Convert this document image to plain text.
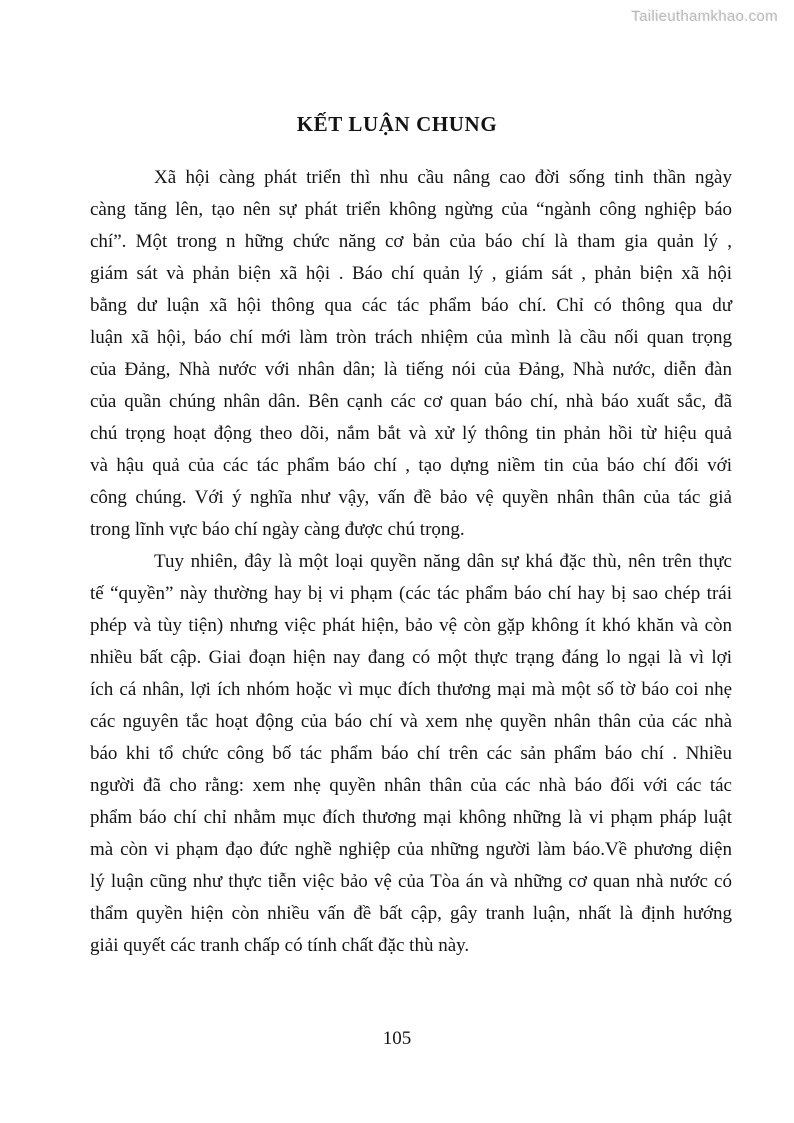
Tailieuthamkhao.com
KẾT LUẬN CHUNG
Xã hội càng phát triển thì nhu cầu nâng cao đời sống tinh thần ngày
càng tăng lên, tạo nên sự phát triển không ngừng của “ngành công nghiệp báo
chí”. Một trong n hững chức năng cơ bản của báo chí là tham gia quản lý ,
giám sát và phản biện xã hội . Báo chí quản lý , giám sát , phản biện xã hội
bằng dư luận xã hội thông qua các tác phẩm báo chí. Chỉ có thông qua dư
luận xã hội, báo chí mới làm tròn trách nhiệm của mình là cầu nối quan trọng
của Đảng, Nhà nước với nhân dân; là tiếng nói của Đảng, Nhà nước, diễn đàn
của quần chúng nhân dân. Bên cạnh các cơ quan báo chí, nhà báo xuất sắc, đã
chú trọng hoạt động theo dõi, nắm bắt và xử lý thông tin phản hồi từ hiệu quả
và hậu quả của các tác phẩm báo chí , tạo dựng niềm tin của báo chí đối với
công chúng. Với ý nghĩa như vậy, vấn đề bảo vệ quyền nhân thân của tác giả
trong lĩnh vực báo chí ngày càng được chú trọng.
Tuy nhiên, đây là một loại quyền năng dân sự khá đặc thù, nên trên thực
tế “quyền” này thường hay bị vi phạm (các tác phẩm báo chí hay bị sao chép trái
phép và tùy tiện) nhưng việc phát hiện, bảo vệ còn gặp không ít khó khăn và còn
nhiều bất cập. Giai đoạn hiện nay đang có một thực trạng đáng lo ngại là vì lợi
ích cá nhân, lợi ích nhóm hoặc vì mục đích thương mại mà một số tờ báo coi nhẹ
các nguyên tắc hoạt động của báo chí và xem nhẹ quyền nhân thân của các nhà
báo khi tổ chức công bố tác phẩm báo chí trên các sản phẩm báo chí . Nhiều
người đã cho rằng: xem nhẹ quyền nhân thân của các nhà báo đối với các tác
phẩm báo chí chỉ nhằm mục đích thương mại không những là vi phạm pháp luật
mà còn vi phạm đạo đức nghề nghiệp của những người làm báo.Về phương diện
lý luận cũng như thực tiễn việc bảo vệ của Tòa án và những cơ quan nhà nước có
thẩm quyền hiện còn nhiều vấn đề bất cập, gây tranh luận, nhất là định hướng
giải quyết các tranh chấp có tính chất đặc thù này.
105
